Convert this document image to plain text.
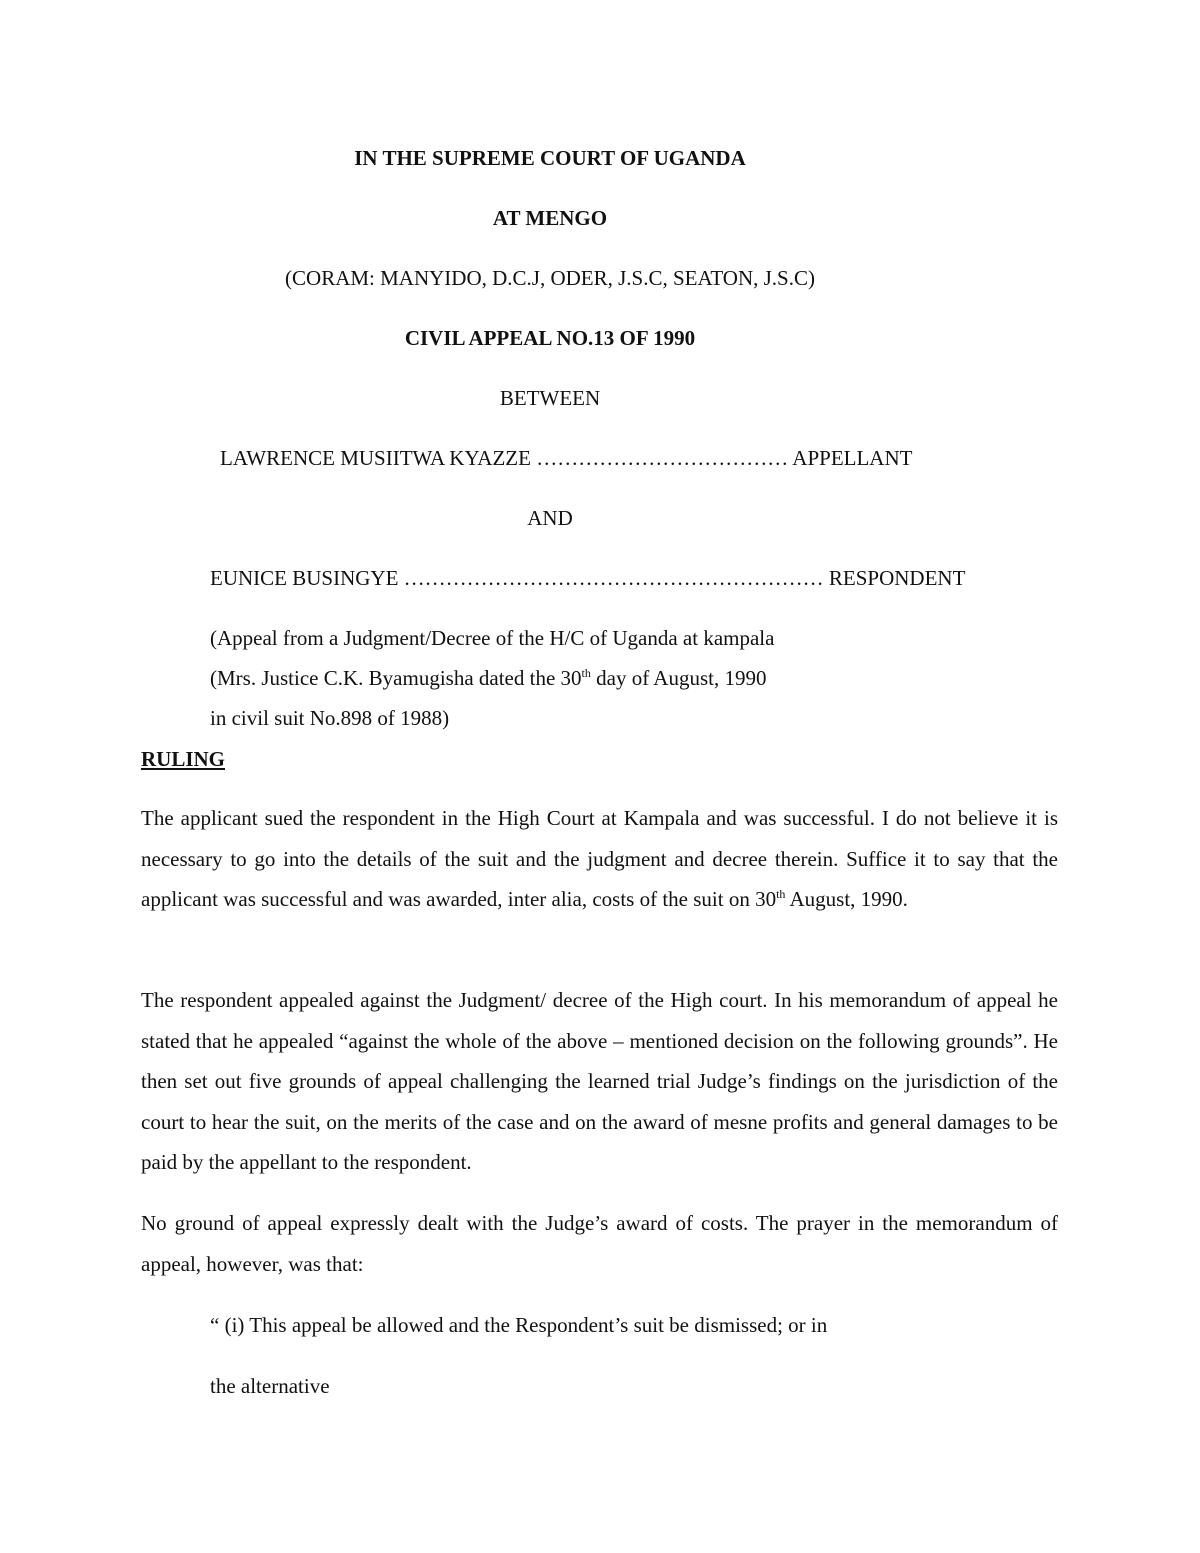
IN THE SUPREME COURT OF UGANDA
AT MENGO
(CORAM: MANYIDO, D.C.J, ODER, J.S.C, SEATON, J.S.C)
CIVIL APPEAL NO.13 OF 1990
BETWEEN
LAWRENCE MUSIITWA KYAZZE ……………………………… APPELLANT
AND
EUNICE BUSINGYE …………………………………………………… RESPONDENT
(Appeal from a Judgment/Decree of the H/C of Uganda at kampala
(Mrs. Justice C.K. Byamugisha dated the 30th day of August, 1990
in civil suit No.898 of 1988)
RULING

The applicant sued the respondent in the High Court at Kampala and was successful. I do not believe it is necessary to go into the details of the suit and the judgment and decree therein. Suffice it to say that the applicant was successful and was awarded, inter alia, costs of the suit on 30th August, 1990.

The respondent appealed against the Judgment/ decree of the High court. In his memorandum of appeal he stated that he appealed “against the whole of the above – mentioned decision on the following grounds”. He then set out five grounds of appeal challenging the learned trial Judge’s findings on the jurisdiction of the court to hear the suit, on the merits of the case and on the award of mesne profits and general damages to be paid by the appellant to the respondent.

No ground of appeal expressly dealt with the Judge’s award of costs. The prayer in the memorandum of appeal, however, was that:

“ (i) This appeal be allowed and the Respondent’s suit be dismissed; or in
the alternative
